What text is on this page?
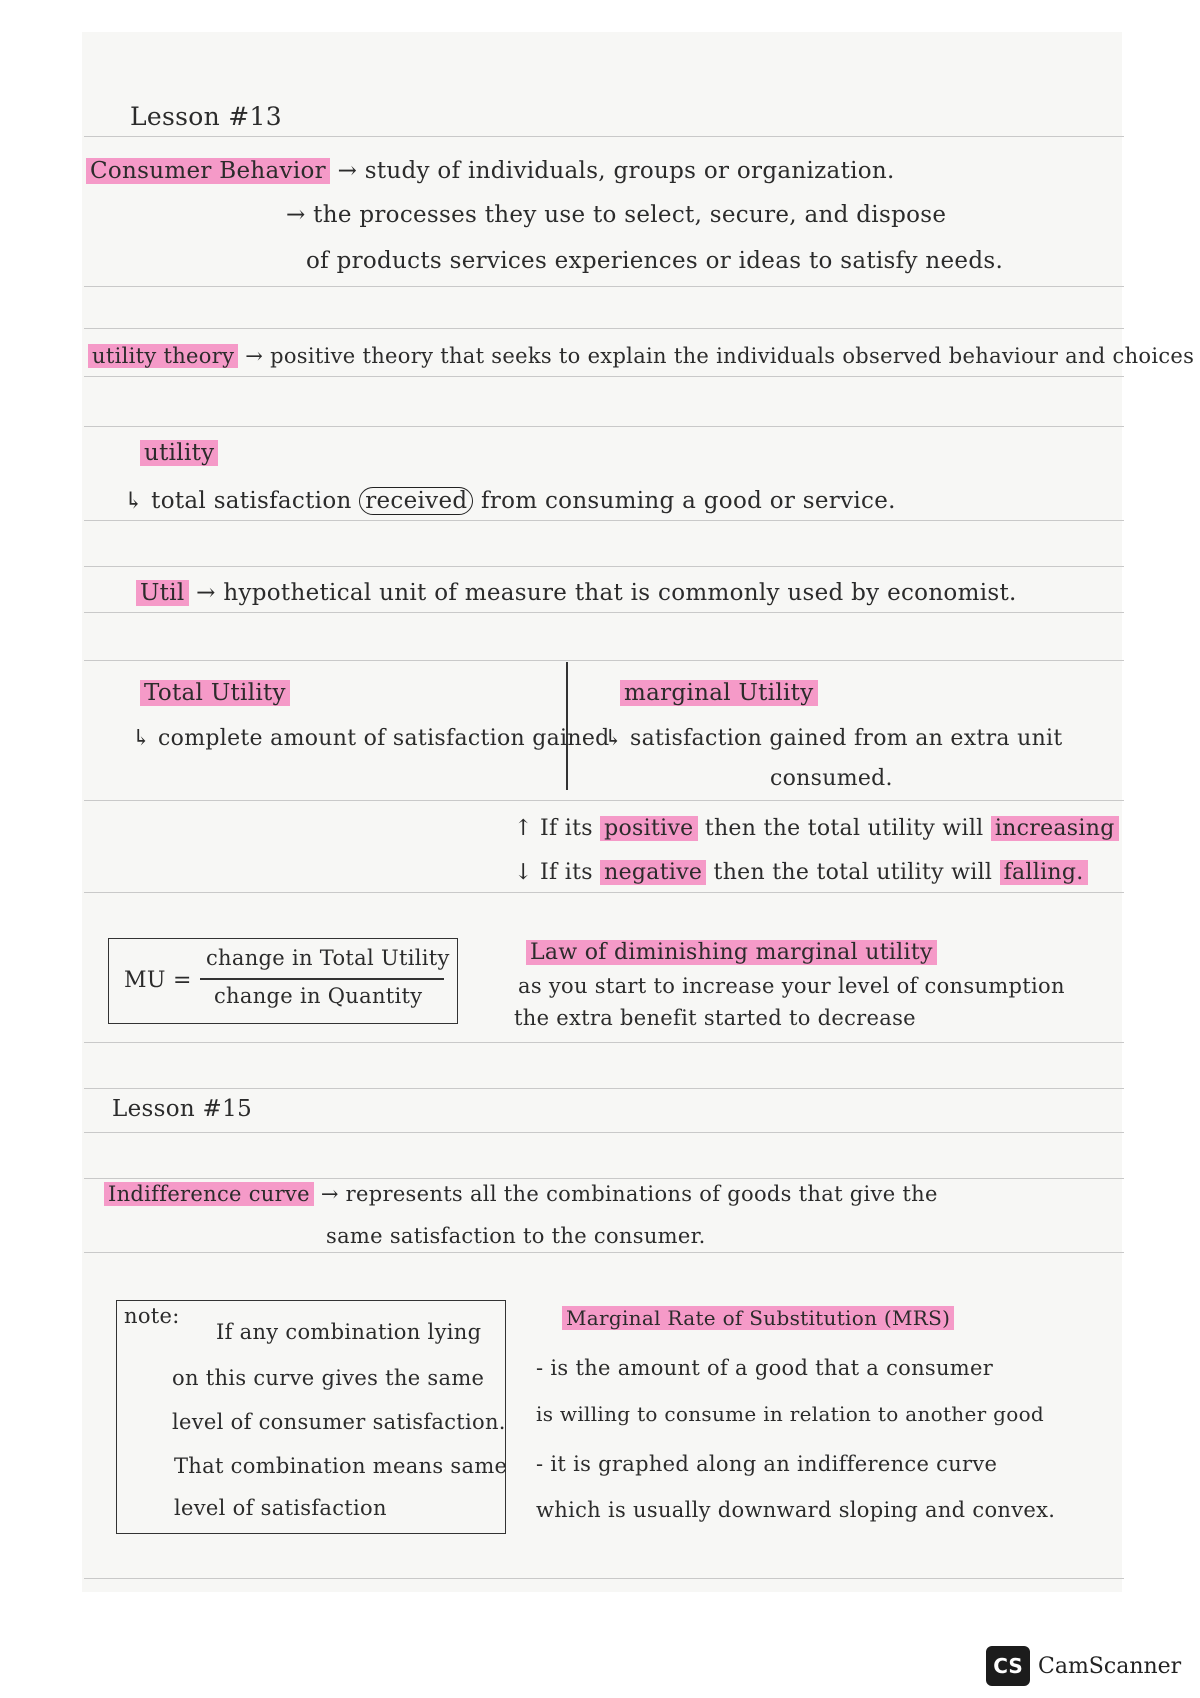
Lesson #13
Consumer Behavior → study of individuals, groups or organization.
→ the processes they use to select, secure, and dispose
of products services experiences or ideas to satisfy needs.
utility theory → positive theory that seeks to explain the individuals observed behaviour and choices
utility
↳ total satisfaction received from consuming a good or service.
Util → hypothetical unit of measure that is commonly used by economist.
Total Utility
↳ complete amount of satisfaction gained
marginal Utility
↳ satisfaction gained from an extra unit
consumed.
↑ If its positive then the total utility will increasing
↓ If its negative then the total utility will falling.
MU =
change in Total Utility
change in Quantity
Law of diminishing marginal utility
as you start to increase your level of consumption
the extra benefit started to decrease
Lesson #15
Indifference curve → represents all the combinations of goods that give the
same satisfaction to the consumer.
note:
If any combination lying
on this curve gives the same
level of consumer satisfaction.
That combination means same
level of satisfaction
Marginal Rate of Substitution (MRS)
- is the amount of a good that a consumer
is willing to consume in relation to another good
- it is graphed along an indifference curve
which is usually downward sloping and convex.
CS CamScanner
